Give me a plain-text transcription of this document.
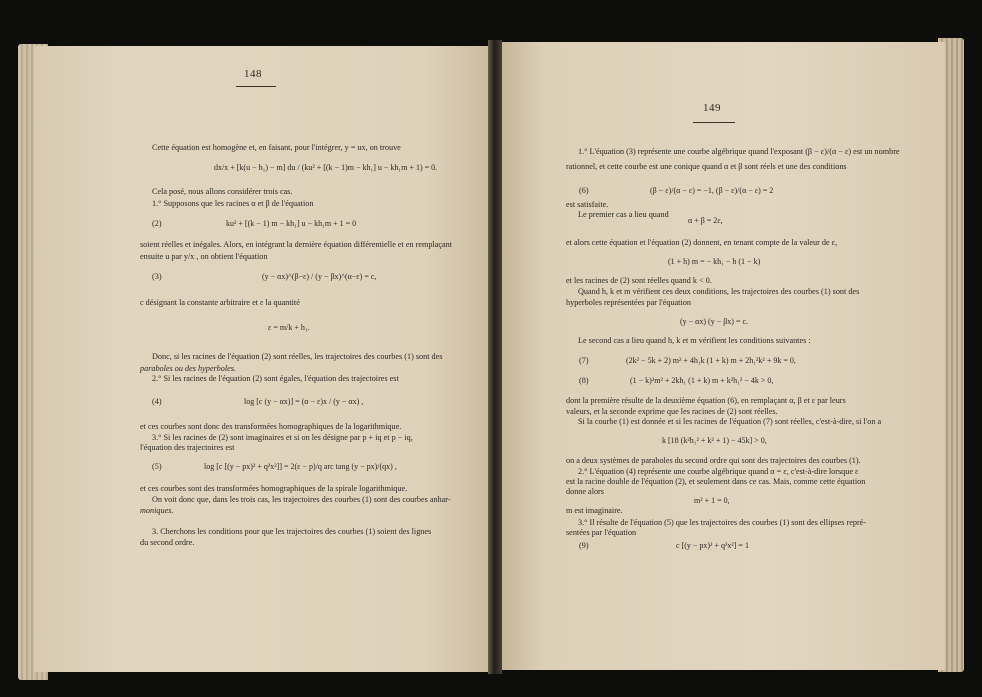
148
Cette équation est homogène et, en faisant, pour l'intégrer, y = ux, on trouve
dx/x + [k(u − h₁) − m] du / (ku² + [(k − 1)m − kh₁] u − kh₁m + 1) = 0.
Cela posé, nous allons considérer trois cas.
1.° Supposons que les racines α et β de l'équation
(2)	ku² + [(k − 1) m − kh₁] u − kh₁m + 1 = 0
soient réelles et inégales. Alors, en intégrant la dernière équation différentielle et en remplaçant
ensuite u par y/x , on obtient l'équation
(3)	(y − αx)^(β−ε) / (y − βx)^(α−ε) = c,
c désignant la constante arbitraire et ε la quantité
ε = m/k + h₁.
Donc, si les racines de l'équation (2) sont réelles, les trajectoires des courbes (1) sont des
paraboles ou des hyperboles.
2.° Si les racines de l'équation (2) sont égales, l'équation des trajectoires est
(4)	log [c (y − αx)] = (α − ε)x / (y − αx) ,
et ces courbes sont donc des transformées homographiques de la logarithmique.
3.° Si les racines de (2) sont imaginaires et si on les désigne par p + iq et p − iq,
l'équation des trajectoires est
(5)	log [c [(y − px)² + q²x²]] = 2(ε − p)/q arc tang (y − px)/(qx) ,
et ces courbes sont des transformées homographiques de la spirale logarithmique.
On voit donc que, dans les trois cas, les trajectoires des courbes (1) sont des courbes anhar-
moniques.
3. Cherchons les conditions pour que les trajectoires des courbes (1) soient des lignes
du second ordre.
149
1.° L'équation (3) représente une courbe algébrique quand l'exposant (β − ε)/(α − ε) est un nombre
rationnel, et cette courbe est une conique quand α et β sont réels et une des conditions
(6)	(β − ε)/(α − ε) = −1, (β − ε)/(α − ε) = 2
est satisfaite.
Le premier cas a lieu quand
α + β = 2ε,
et alors cette équation et l'équation (2) donnent, en tenant compte de la valeur de ε,
(1 + h) m = − kh₁ − h (1 − k)
et les racines de (2) sont réelles quand k < 0.
Quand h, k et m vérifient ces deux conditions, les trajectoires des courbes (1) sont des
hyperboles représentées par l'équation
(y − αx) (y − βx) = c.
Le second cas a lieu quand h, k et m vérifient les conditions suivantes :
(7)	(2k² − 5k + 2) m² + 4h₁k (1 + k) m + 2h₁²k² + 9k = 0,
(8)	(1 − k)²m² + 2kh₁ (1 + k) m + k²h₁² − 4k > 0,
dont la première résulte de la deuxième équation (6), en remplaçant α, β et ε par leurs
valeurs, et la seconde exprime que les racines de (2) sont réelles.
Si la courbe (1) est donnée et si les racines de l'équation (7) sont réelles, c'est-à-dire, si l'on a
k [18 (k²h₁² + k² + 1) − 45k] > 0,
on a deux systèmes de paraboles du second ordre qui sont des trajectoires des courbes (1).
2.° L'équation (4) représente une courbe algébrique quand α = ε, c'est-à-dire lorsque ε
est la racine double de l'équation (2), et seulement dans ce cas. Mais, comme cette équation
donne alors
m² + 1 = 0,
m est imaginaire.
3.° Il résulte de l'équation (5) que les trajectoires des courbes (1) sont des ellipses repré-
sentées par l'équation
(9)	c [(y − px)² + q²x²] = 1
